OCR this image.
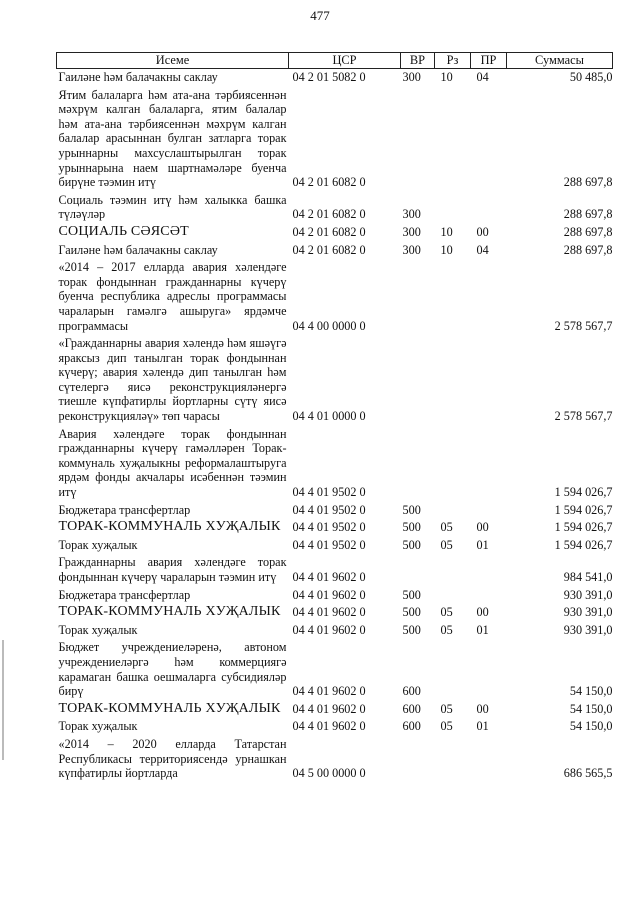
477
Исеме	ЦСР	ВР	Рз	ПР	Суммасы
Гаиләне һәм балачакны саклау	04 2 01 5082 0	300	10	04	50 485,0
Ятим балаларга һәм ата-ана тәрбиясеннән мәхрүм калган балаларга, ятим балалар һәм ата-ана тәрбиясеннән мәхрүм калган балалар арасыннан булган затларга торак урыннарны махсуслаштырылган торак урыннарына наем шартнамәләре буенча бирүне тәэмин итү	04 2 01 6082 0				288 697,8
Социаль тәэмин итү һәм халыкка башка түләүләр	04 2 01 6082 0	300			288 697,8
СОЦИАЛЬ СӘЯСӘТ	04 2 01 6082 0	300	10	00	288 697,8
Гаиләне һәм балачакны саклау	04 2 01 6082 0	300	10	04	288 697,8
«2014 – 2017 елларда авария хәлендәге торак фондыннан гражданнарны күчерү буенча республика адреслы программасы чараларын гамәлгә ашыруга» ярдәмче программасы	04 4 00 0000 0				2 578 567,7
«Гражданнарны авария хәлендә һәм яшәүгә яраксыз дип танылган торак фондыннан күчерү; авария хәлендә дип танылган һәм сүтелергә яисә реконструкцияләнергә тиешле күпфатирлы йортларны сүтү яисә реконструкцияләү» төп чарасы	04 4 01 0000 0				2 578 567,7
Авария хәлендәге торак фондыннан гражданнарны күчерү гамәлләрен Торак-коммуналь хуҗалыкны реформалаштыруга ярдәм фонды акчалары исәбеннән тәэмин итү	04 4 01 9502 0				1 594 026,7
Бюджетара трансфертлар	04 4 01 9502 0	500			1 594 026,7
ТОРАК-КОММУНАЛЬ ХУҖАЛЫК	04 4 01 9502 0	500	05	00	1 594 026,7
Торак хуҗалык	04 4 01 9502 0	500	05	01	1 594 026,7
Гражданнарны авария хәлендәге торак фондыннан күчерү чараларын тәэмин итү	04 4 01 9602 0				984 541,0
Бюджетара трансфертлар	04 4 01 9602 0	500			930 391,0
ТОРАК-КОММУНАЛЬ ХУҖАЛЫК	04 4 01 9602 0	500	05	00	930 391,0
Торак хуҗалык	04 4 01 9602 0	500	05	01	930 391,0
Бюджет учреждениеләренә, автоном учреждениеләргә һәм коммерциягә карамаган башка оешмаларга субсидияләр бирү	04 4 01 9602 0	600			54 150,0
ТОРАК-КОММУНАЛЬ ХУҖАЛЫК	04 4 01 9602 0	600	05	00	54 150,0
Торак хуҗалык	04 4 01 9602 0	600	05	01	54 150,0
«2014 – 2020 елларда Татарстан Республикасы территориясендә урнашкан күпфатирлы йортларда	04 5 00 0000 0				686 565,5
